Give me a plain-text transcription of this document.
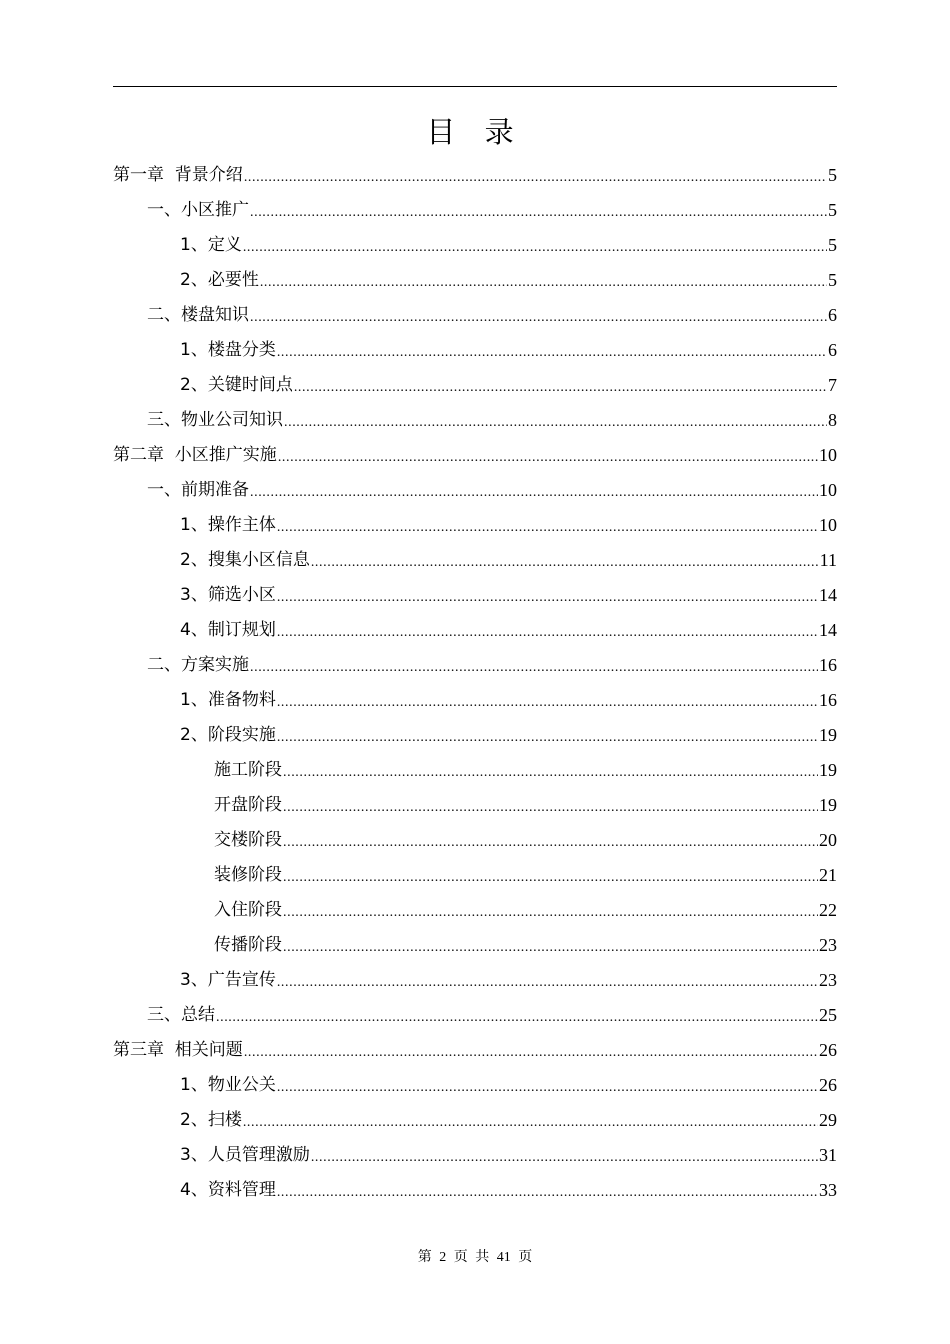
目 录
第一章  背景介绍 .....	5
一、小区推广 .....	5
1、定义 .....	5
2、必要性 .....	5
二、楼盘知识 .....	6
1、楼盘分类 .....	6
2、关键时间点 .....	7
三、物业公司知识 .....	8
第二章  小区推广实施 .....	10
一、前期准备 .....	10
1、操作主体 .....	10
2、搜集小区信息 .....	11
3、筛选小区 .....	14
4、制订规划 .....	14
二、方案实施 .....	16
1、准备物料 .....	16
2、阶段实施 .....	19
施工阶段 .....	19
开盘阶段 .....	19
交楼阶段 .....	20
装修阶段 .....	21
入住阶段 .....	22
传播阶段 .....	23
3、广告宣传 .....	23
三、总结 .....	25
第三章  相关问题 .....	26
1、物业公关 .....	26
2、扫楼 .....	29
3、人员管理激励 .....	31
4、资料管理 .....	33
第 2 页 共 41 页
